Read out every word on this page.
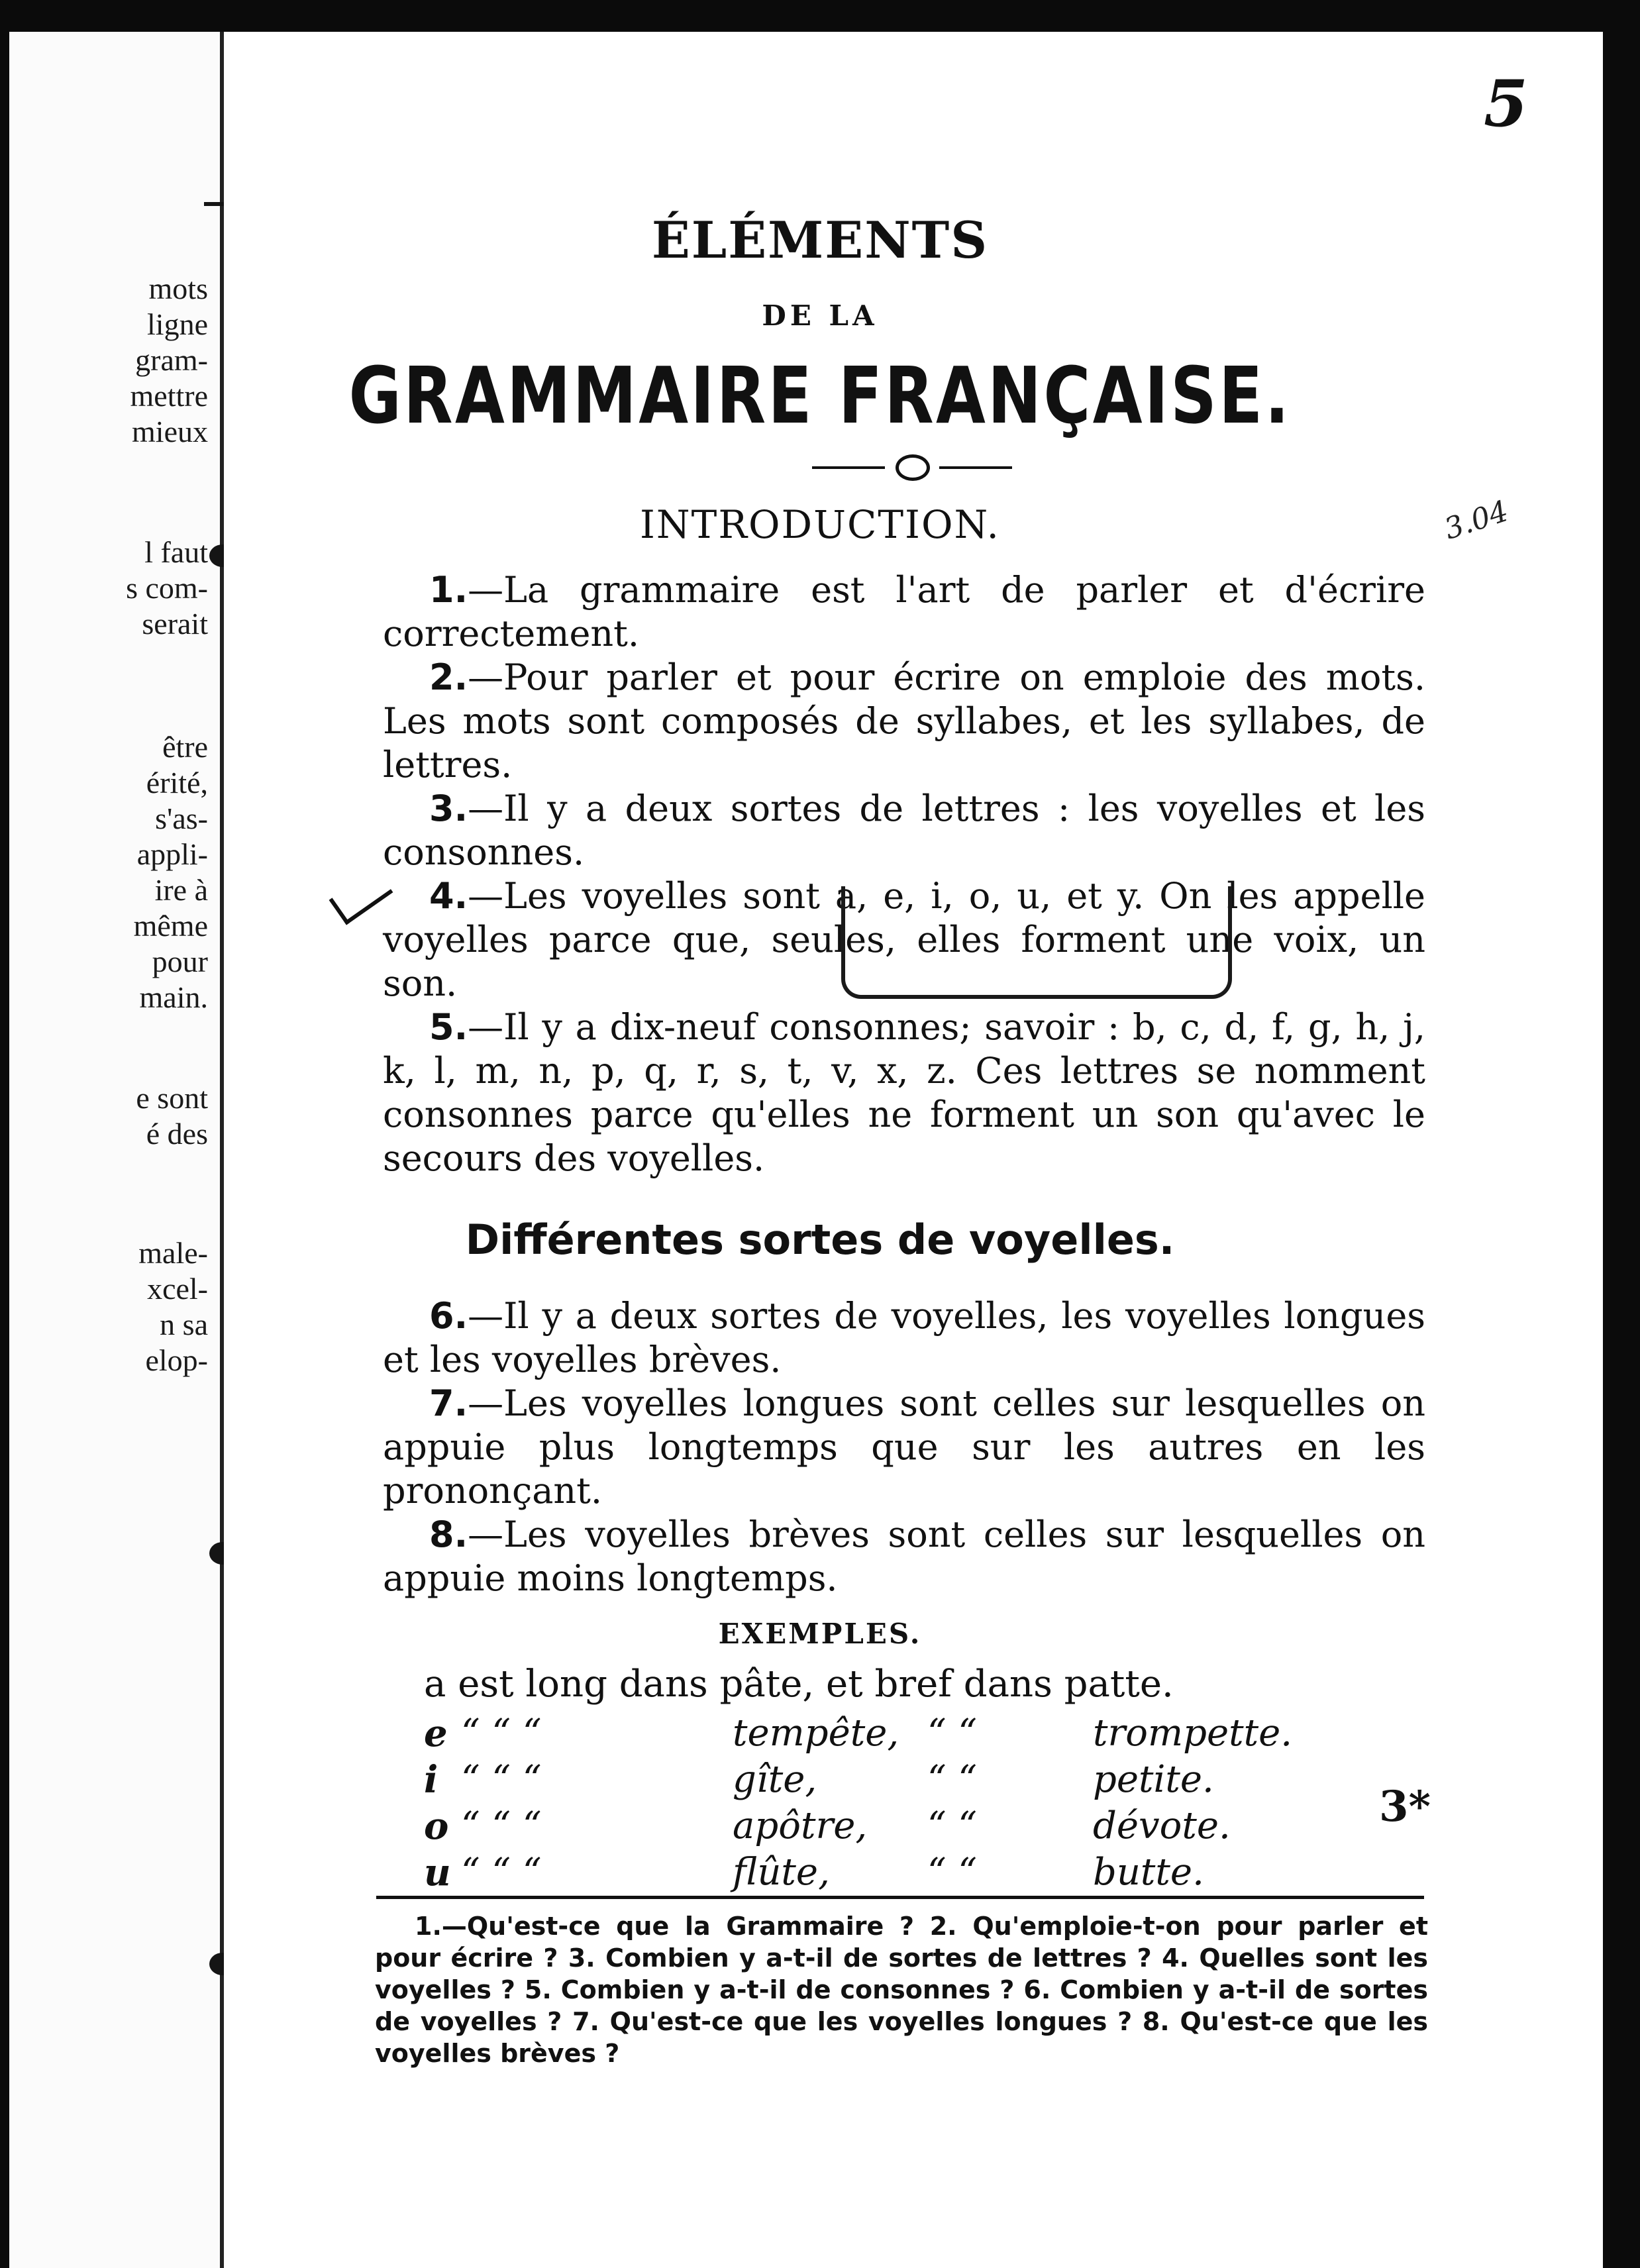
mots
ligne
gram-
mettre
mieux
l faut
s com-
serait
être
érité,
s'as-
appli-
ire à
même
pour
main.
e sont
é des
male-
xcel-
n sa
elop-
5
ÉLÉMENTS
DE LA
GRAMMAIRE FRANÇAISE.
INTRODUCTION.

1.—La grammaire est l'art de parler et d'écrire correctement.

2.—Pour parler et pour écrire on emploie des mots. Les mots sont composés de syllabes, et les syllabes, de lettres.

3.—Il y a deux sortes de lettres : les voyelles et les consonnes.

4.—Les voyelles sont a, e, i, o, u, et y. On les appelle voyelles parce que, seules, elles forment une voix, un son.

5.—Il y a dix-neuf consonnes; savoir : b, c, d, f, g, h, j, k, l, m, n, p, q, r, s, t, v, x, z. Ces lettres se nomment consonnes parce qu'elles ne forment un son qu'avec le secours des voyelles.

3.04
Différentes sortes de voyelles.

6.—Il y a deux sortes de voyelles, les voyelles longues et les voyelles brèves.

7.—Les voyelles longues sont celles sur lesquelles on appuie plus longtemps que sur les autres en les prononçant.

8.—Les voyelles brèves sont celles sur lesquelles on appuie moins longtemps.

EXEMPLES.
a est long dans pâte, et bref dans patte.
e “ “ “	tempête, “ “	trompette.
i “ “ “	gîte,	“ “	petite.
o “ “ “	apôtre, “ “	dévote.
u “ “ “	flûte,	“ “	butte.
3*

1.—Qu'est-ce que la Grammaire ? 2. Qu'emploie-t-on pour parler et pour écrire ? 3. Combien y a-t-il de sortes de lettres ? 4. Quelles sont les voyelles ? 5. Combien y a-t-il de consonnes ? 6. Combien y a-t-il de sortes de voyelles ? 7. Qu'est-ce que les voyelles longues ? 8. Qu'est-ce que les voyelles brèves ?
